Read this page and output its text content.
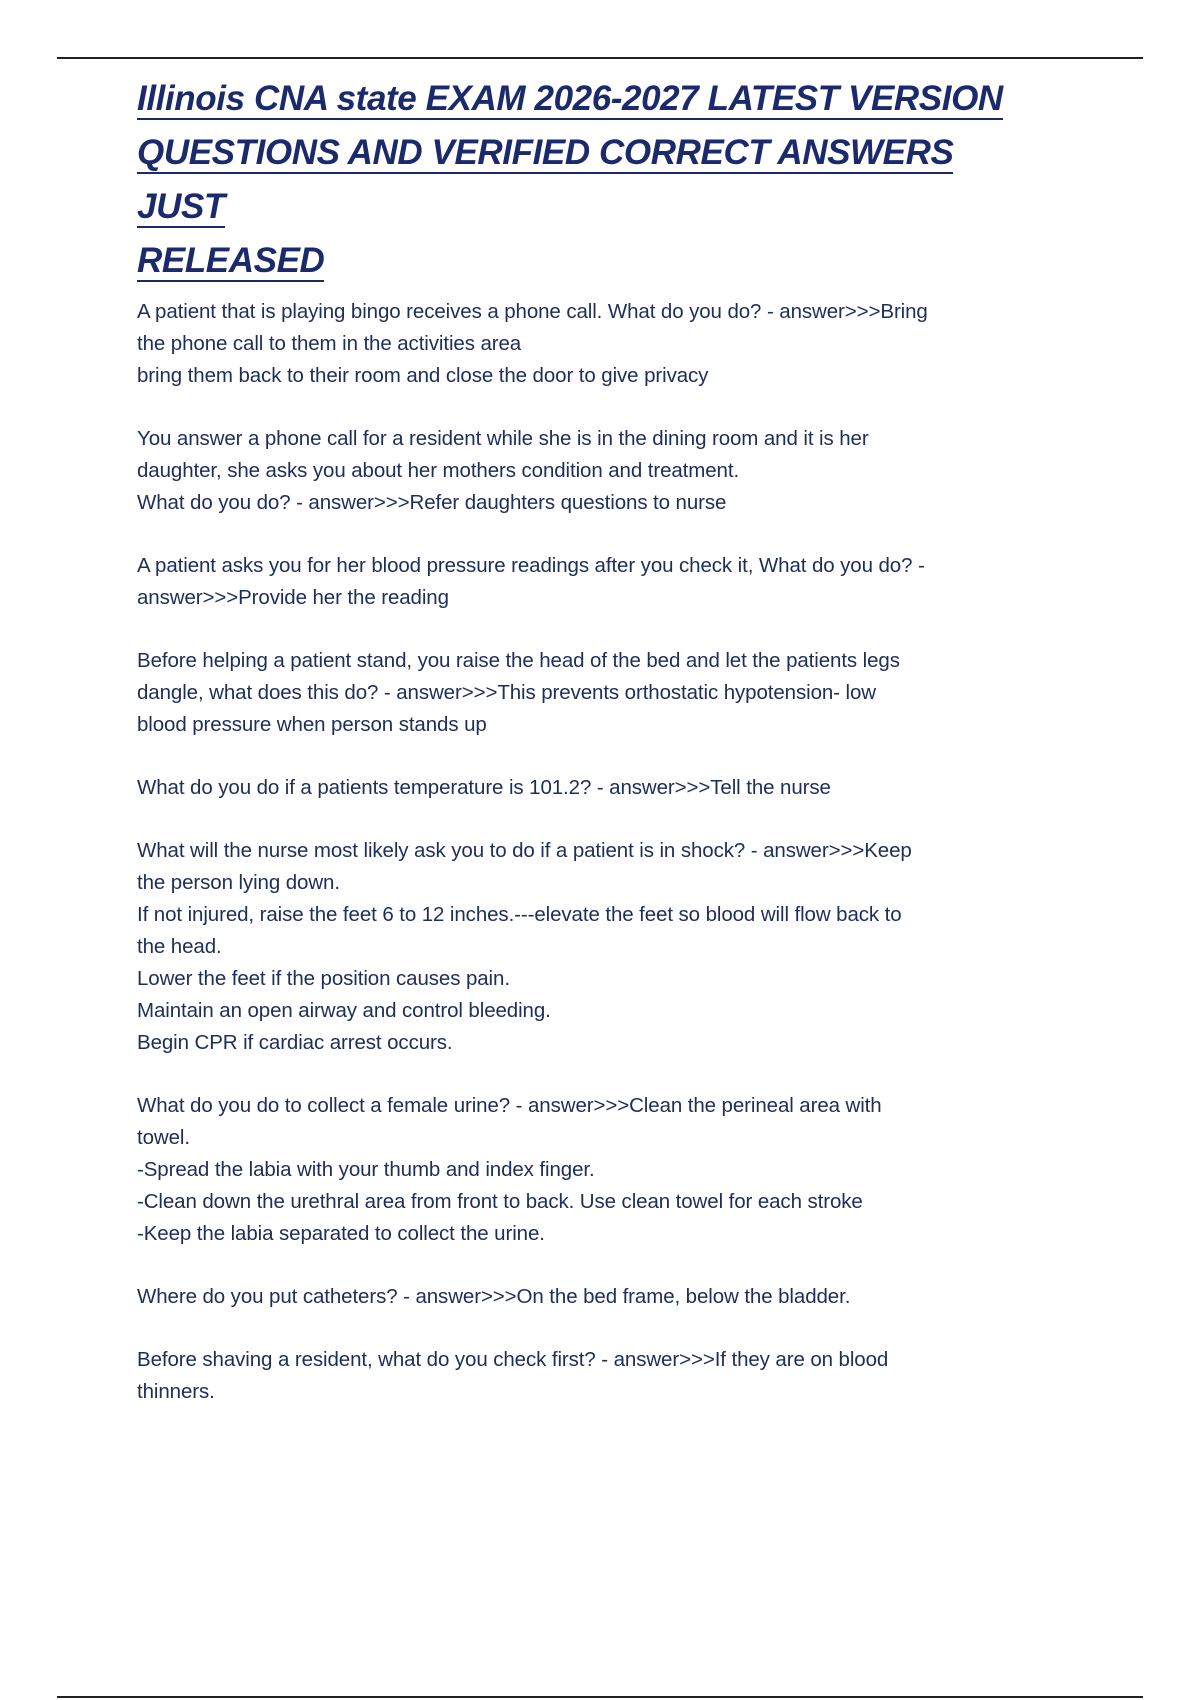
Illinois CNA state EXAM 2026-2027 LATEST VERSION
QUESTIONS AND VERIFIED CORRECT ANSWERS JUST
RELEASED
A patient that is playing bingo receives a phone call. What do you do? - answer>>>Bring
the phone call to them in the activities area
bring them back to their room and close the door to give privacy
You answer a phone call for a resident while she is in the dining room and it is her
daughter, she asks you about her mothers condition and treatment.
What do you do? - answer>>>Refer daughters questions to nurse
A patient asks you for her blood pressure readings after you check it, What do you do? -
answer>>>Provide her the reading
Before helping a patient stand, you raise the head of the bed and let the patients legs
dangle, what does this do? - answer>>>This prevents orthostatic hypotension- low
blood pressure when person stands up
What do you do if a patients temperature is 101.2? - answer>>>Tell the nurse
What will the nurse most likely ask you to do if a patient is in shock? - answer>>>Keep
the person lying down.
If not injured, raise the feet 6 to 12 inches.---elevate the feet so blood will flow back to
the head.
Lower the feet if the position causes pain.
Maintain an open airway and control bleeding.
Begin CPR if cardiac arrest occurs.
What do you do to collect a female urine? - answer>>>Clean the perineal area with
towel.
-Spread the labia with your thumb and index finger.
-Clean down the urethral area from front to back. Use clean towel for each stroke
-Keep the labia separated to collect the urine.
Where do you put catheters? - answer>>>On the bed frame, below the bladder.
Before shaving a resident, what do you check first? - answer>>>If they are on blood
thinners.
